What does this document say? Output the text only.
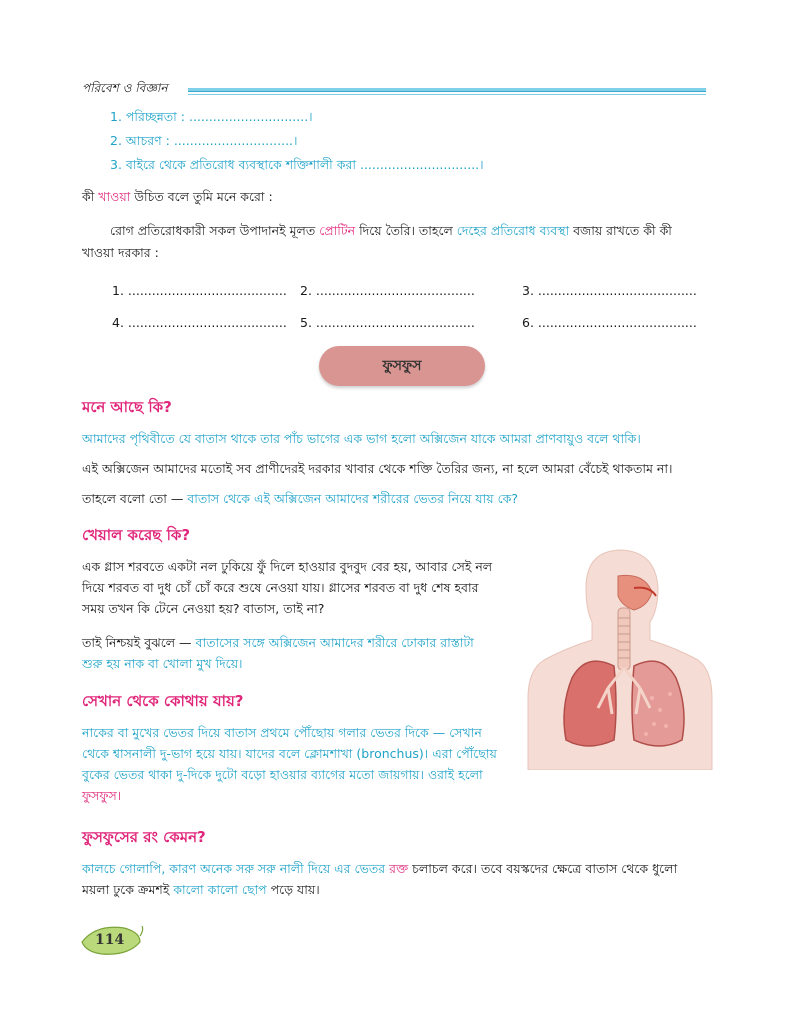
পরিবেশ ও বিজ্ঞান
1. পরিচ্ছন্নতা : ..............................।
2. আচরণ : ..............................।
3. বাইরে থেকে প্রতিরোধ ব্যবস্থাকে শক্তিশালী করা ..............................।
কী খাওয়া উচিত বলে তুমি মনে করো :
রোগ প্রতিরোধকারী সকল উপাদানই মূলত প্রোটিন দিয়ে তৈরি। তাহলে দেহের প্রতিরোধ ব্যবস্থা বজায় রাখতে কী কী
খাওয়া দরকার :
1. ........................................ 2. ........................................	3. ........................................
4. ........................................ 5. ........................................	6. ........................................
ফুসফুস
মনে আছে কি?
আমাদের পৃথিবীতে যে বাতাস থাকে তার পাঁচ ভাগের এক ভাগ হলো অক্সিজেন যাকে আমরা প্রাণবায়ুও বলে থাকি।
এই অক্সিজেন আমাদের মতোই সব প্রাণীদেরই দরকার খাবার থেকে শক্তি তৈরির জন্য, না হলে আমরা বেঁচেই থাকতাম না।
তাহলে বলো তো — বাতাস থেকে এই অক্সিজেন আমাদের শরীরের ভেতর নিয়ে যায় কে?
খেয়াল করেছ কি?
এক গ্লাস শরবতে একটা নল ঢুকিয়ে ফুঁ দিলে হাওয়ার বুদবুদ বের হয়, আবার সেই নল
দিয়ে শরবত বা দুধ চোঁ চোঁ করে শুষে নেওয়া যায়। গ্লাসের শরবত বা দুধ শেষ হবার
সময় তখন কি টেনে নেওয়া হয়? বাতাস, তাই না?
তাই নিশ্চয়ই বুঝলে — বাতাসের সঙ্গে অক্সিজেন আমাদের শরীরে ঢোকার রাস্তাটা
শুরু হয় নাক বা খোলা মুখ দিয়ে।
সেখান থেকে কোথায় যায়?
নাকের বা মুখের ভেতর দিয়ে বাতাস প্রথমে পৌঁছোয় গলার ভেতর দিকে — সেখান
থেকে শ্বাসনালী দু-ভাগ হয়ে যায়। যাদের বলে ক্লোমশাখা (bronchus)। এরা পৌঁছোয়
বুকের ভেতর থাকা দু-দিকে দুটো বড়ো হাওয়ার ব্যাগের মতো জায়গায়। ওরাই হলো
ফুসফুস।
ফুসফুসের রং কেমন?
কালচে গোলাপি, কারণ অনেক সরু সরু নালী দিয়ে এর ভেতর রক্ত চলাচল করে। তবে বয়স্কদের ক্ষেত্রে বাতাস থেকে ধুলো
ময়লা ঢুকে ক্রমশই কালো কালো ছোপ পড়ে যায়।
114
